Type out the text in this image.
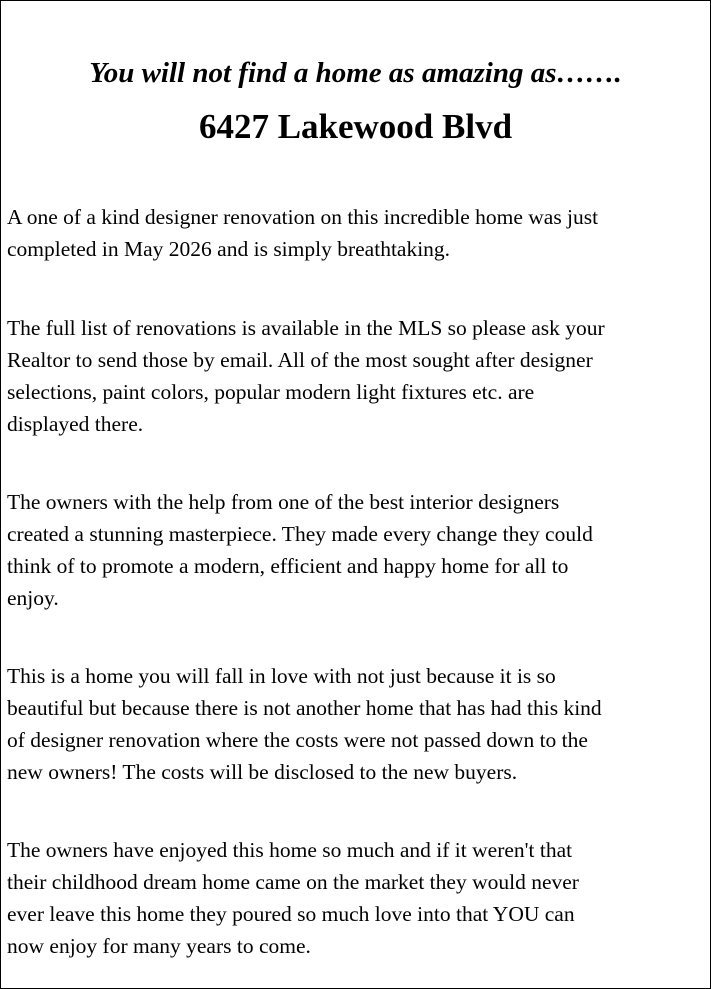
You will not find a home as amazing as…….
6427 Lakewood Blvd
A one of a kind designer renovation on this incredible home was just
completed in May 2026 and is simply breathtaking.
The full list of renovations is available in the MLS so please ask your
Realtor to send those by email. All of the most sought after designer
selections, paint colors, popular modern light fixtures etc. are
displayed there.
The owners with the help from one of the best interior designers
created a stunning masterpiece. They made every change they could
think of to promote a modern, efficient and happy home for all to
enjoy.
This is a home you will fall in love with not just because it is so
beautiful but because there is not another home that has had this kind
of designer renovation where the costs were not passed down to the
new owners! The costs will be disclosed to the new buyers.
The owners have enjoyed this home so much and if it weren't that
their childhood dream home came on the market they would never
ever leave this home they poured so much love into that YOU can
now enjoy for many years to come.
